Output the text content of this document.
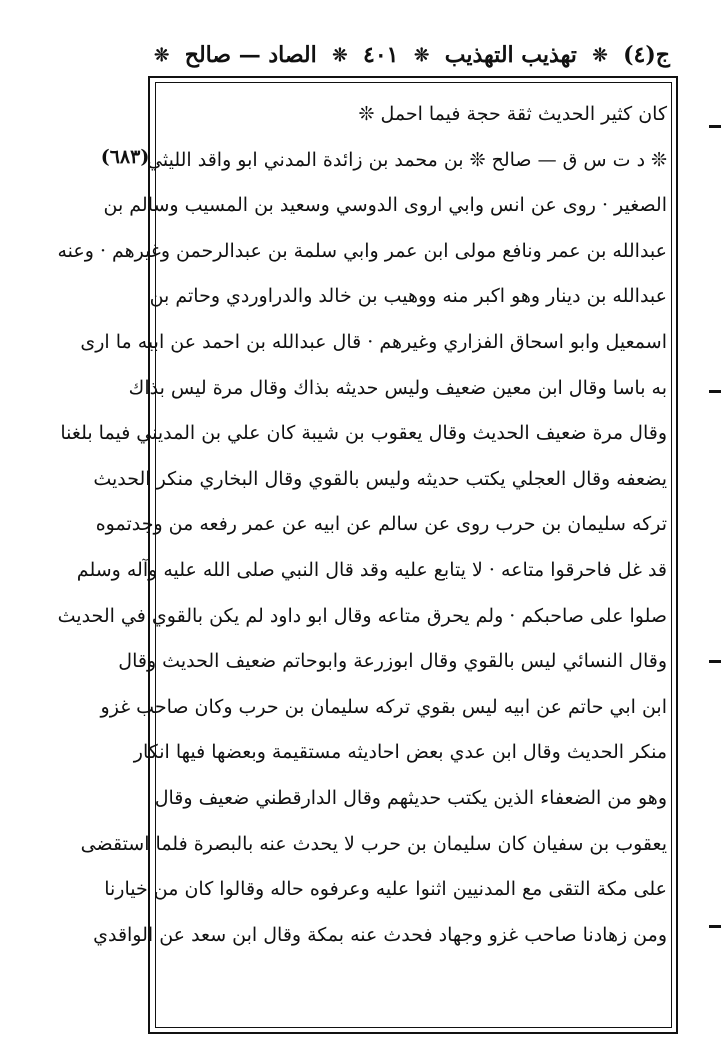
ج(٤)
❊
تهذيب التهذيب
❊
٤٠١
❊
الصاد — صالح
❊
(٦٨٣)
كان كثير الحديث ثقة حجة فيما احمل ❊
❊ د ت س ق — صالح ❊ بن محمد بن زائدة المدني ابو واقد الليثي
الصغير · روى عن انس وابي اروى الدوسي وسعيد بن المسيب وسالم بن
عبدالله بن عمر ونافع مولى ابن عمر وابي سلمة بن عبدالرحمن وغيرهم · وعنه
عبدالله بن دينار وهو اكبر منه ووهيب بن خالد والدراوردي وحاتم بن
اسمعيل وابو اسحاق الفزاري وغيرهم · قال عبدالله بن احمد عن ابيه ما ارى
به باسا وقال ابن معين ضعيف وليس حديثه بذاك وقال مرة ليس بذاك
وقال مرة ضعيف الحديث وقال يعقوب بن شيبة كان علي بن المديني فيما بلغنا
يضعفه وقال العجلي يكتب حديثه وليس بالقوي وقال البخاري منكر الحديث
تركه سليمان بن حرب روى عن سالم عن ابيه عن عمر رفعه من وجدتموه
قد غل فاحرقوا متاعه · لا يتابع عليه وقد قال النبي صلى الله عليه وآله وسلم
صلوا على صاحبكم · ولم يحرق متاعه وقال ابو داود لم يكن بالقوي في الحديث
وقال النسائي ليس بالقوي وقال ابوزرعة وابوحاتم ضعيف الحديث وقال
ابن ابي حاتم عن ابيه ليس بقوي تركه سليمان بن حرب وكان صاحب غزو
منكر الحديث وقال ابن عدي بعض احاديثه مستقيمة وبعضها فيها انكار
وهو من الضعفاء الذين يكتب حديثهم وقال الدارقطني ضعيف وقال
يعقوب بن سفيان كان سليمان بن حرب لا يحدث عنه بالبصرة فلما استقضى
على مكة التقى مع المدنيين اثنوا عليه وعرفوه حاله وقالوا كان من خيارنا
ومن زهادنا صاحب غزو وجهاد فحدث عنه بمكة وقال ابن سعد عن الواقدي
